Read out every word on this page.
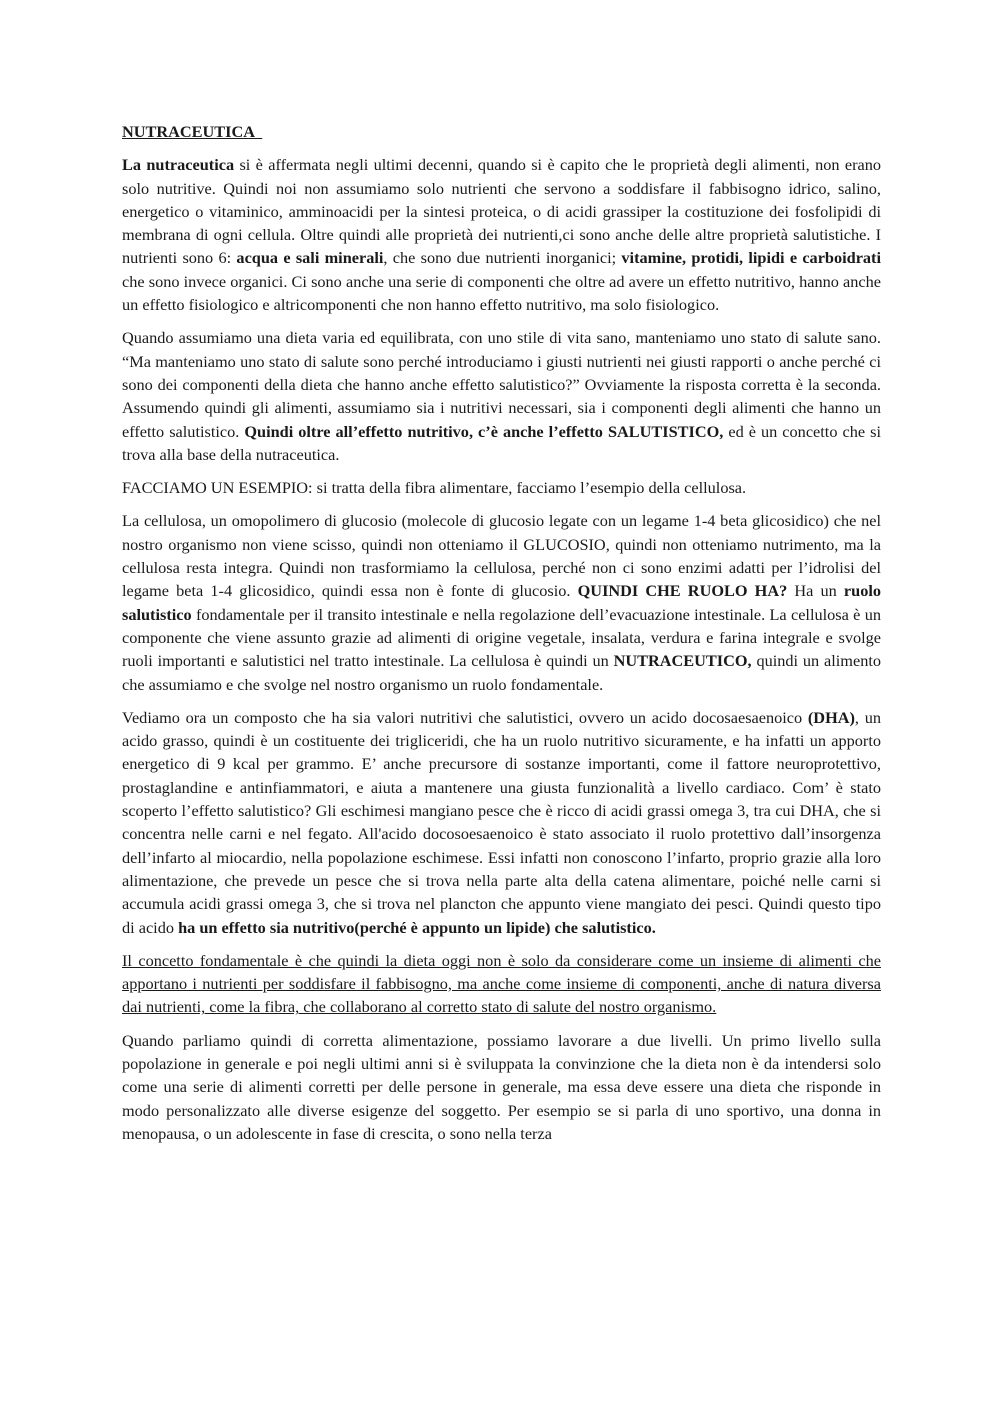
NUTRACEUTICA

La nutraceutica si è affermata negli ultimi decenni, quando si è capito che le proprietà degli alimenti, non erano solo nutritive. Quindi noi non assumiamo solo nutrienti che servono a soddisfare il fabbisogno idrico, salino, energetico o vitaminico, amminoacidi per la sintesi proteica, o di acidi grassiper la costituzione dei fosfolipidi di membrana di ogni cellula. Oltre quindi alle proprietà dei nutrienti,ci sono anche delle altre proprietà salutistiche. I nutrienti sono 6: acqua e sali minerali, che sono due nutrienti inorganici; vitamine, protidi, lipidi e carboidrati che sono invece organici. Ci sono anche una serie di componenti che oltre ad avere un effetto nutritivo, hanno anche un effetto fisiologico e altricomponenti che non hanno effetto nutritivo, ma solo fisiologico.

Quando assumiamo una dieta varia ed equilibrata, con uno stile di vita sano, manteniamo uno stato di salute sano. “Ma manteniamo uno stato di salute sono perché introduciamo i giusti nutrienti nei giusti rapporti o anche perché ci sono dei componenti della dieta che hanno anche effetto salutistico?” Ovviamente la risposta corretta è la seconda. Assumendo quindi gli alimenti, assumiamo sia i nutritivi necessari, sia i componenti degli alimenti che hanno un effetto salutistico. Quindi oltre all’effetto nutritivo, c’è anche l’effetto SALUTISTICO, ed è un concetto che si trova alla base della nutraceutica.

FACCIAMO UN ESEMPIO: si tratta della fibra alimentare, facciamo l’esempio della cellulosa.

La cellulosa, un omopolimero di glucosio (molecole di glucosio legate con un legame 1-4 beta glicosidico) che nel nostro organismo non viene scisso, quindi non otteniamo il GLUCOSIO, quindi non otteniamo nutrimento, ma la cellulosa resta integra. Quindi non trasformiamo la cellulosa, perché non ci sono enzimi adatti per l’idrolisi del legame beta 1-4 glicosidico, quindi essa non è fonte di glucosio. QUINDI CHE RUOLO HA? Ha un ruolo salutistico fondamentale per il transito intestinale e nella regolazione dell’evacuazione intestinale. La cellulosa è un componente che viene assunto grazie ad alimenti di origine vegetale, insalata, verdura e farina integrale e svolge ruoli importanti e salutistici nel tratto intestinale. La cellulosa è quindi un NUTRACEUTICO, quindi un alimento che assumiamo e che svolge nel nostro organismo un ruolo fondamentale.

Vediamo ora un composto che ha sia valori nutritivi che salutistici, ovvero un acido docosaesaenoico (DHA), un acido grasso, quindi è un costituente dei trigliceridi, che ha un ruolo nutritivo sicuramente, e ha infatti un apporto energetico di 9 kcal per grammo. E’ anche precursore di sostanze importanti, come il fattore neuroprotettivo, prostaglandine e antinfiammatori, e aiuta a mantenere una giusta funzionalità a livello cardiaco. Com’ è stato scoperto l’effetto salutistico? Gli eschimesi mangiano pesce che è ricco di acidi grassi omega 3, tra cui DHA, che si concentra nelle carni e nel fegato. All'acido docosoesaenoico è stato associato il ruolo protettivo dall’insorgenza dell’infarto al miocardio, nella popolazione eschimese. Essi infatti non conoscono l’infarto, proprio grazie alla loro alimentazione, che prevede un pesce che si trova nella parte alta della catena alimentare, poiché nelle carni si accumula acidi grassi omega 3, che si trova nel plancton che appunto viene mangiato dei pesci. Quindi questo tipo di acido ha un effetto sia nutritivo(perché è appunto un lipide) che salutistico.

Il concetto fondamentale è che quindi la dieta oggi non è solo da considerare come un insieme di alimenti che apportano i nutrienti per soddisfare il fabbisogno, ma anche come insieme di componenti, anche di natura diversa dai nutrienti, come la fibra, che collaborano al corretto stato di salute del nostro organismo.

Quando parliamo quindi di corretta alimentazione, possiamo lavorare a due livelli. Un primo livello sulla popolazione in generale e poi negli ultimi anni si è sviluppata la convinzione che la dieta non è da intendersi solo come una serie di alimenti corretti per delle persone in generale, ma essa deve essere una dieta che risponde in modo personalizzato alle diverse esigenze del soggetto. Per esempio se si parla di uno sportivo, una donna in menopausa, o un adolescente in fase di crescita, o sono nella terza
